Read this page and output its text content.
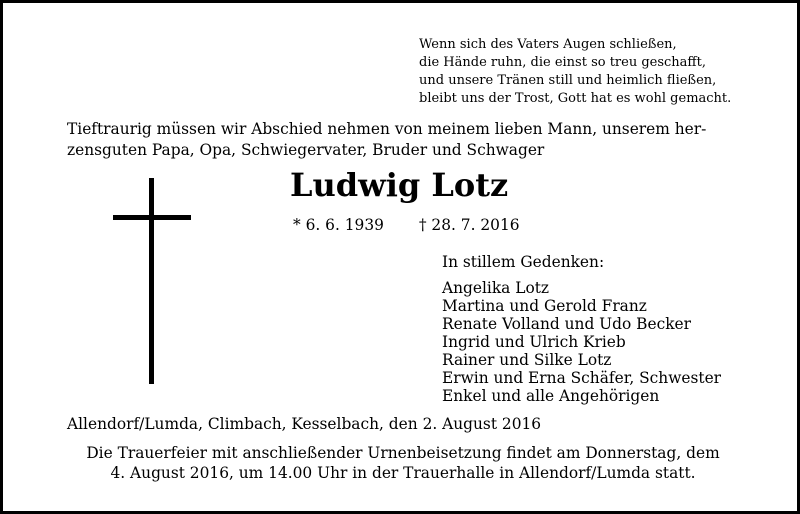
Wenn sich des Vaters Augen schließen,
die Hände ruhn, die einst so treu geschafft,
und unsere Tränen still und heimlich fließen,
bleibt uns der Trost, Gott hat es wohl gemacht.
Tieftraurig müssen wir Abschied nehmen von meinem lieben Mann, unserem her-
zensguten Papa, Opa, Schwiegervater, Bruder und Schwager
Ludwig Lotz
* 6. 6. 1939 † 28. 7. 2016
In stillem Gedenken:
Angelika Lotz
Martina und Gerold Franz
Renate Volland und Udo Becker
Ingrid und Ulrich Krieb
Rainer und Silke Lotz
Erwin und Erna Schäfer, Schwester
Enkel und alle Angehörigen
Allendorf/Lumda, Climbach, Kesselbach, den 2. August 2016
Die Trauerfeier mit anschließender Urnenbeisetzung findet am Donnerstag, dem
4. August 2016, um 14.00 Uhr in der Trauerhalle in Allendorf/Lumda statt.
